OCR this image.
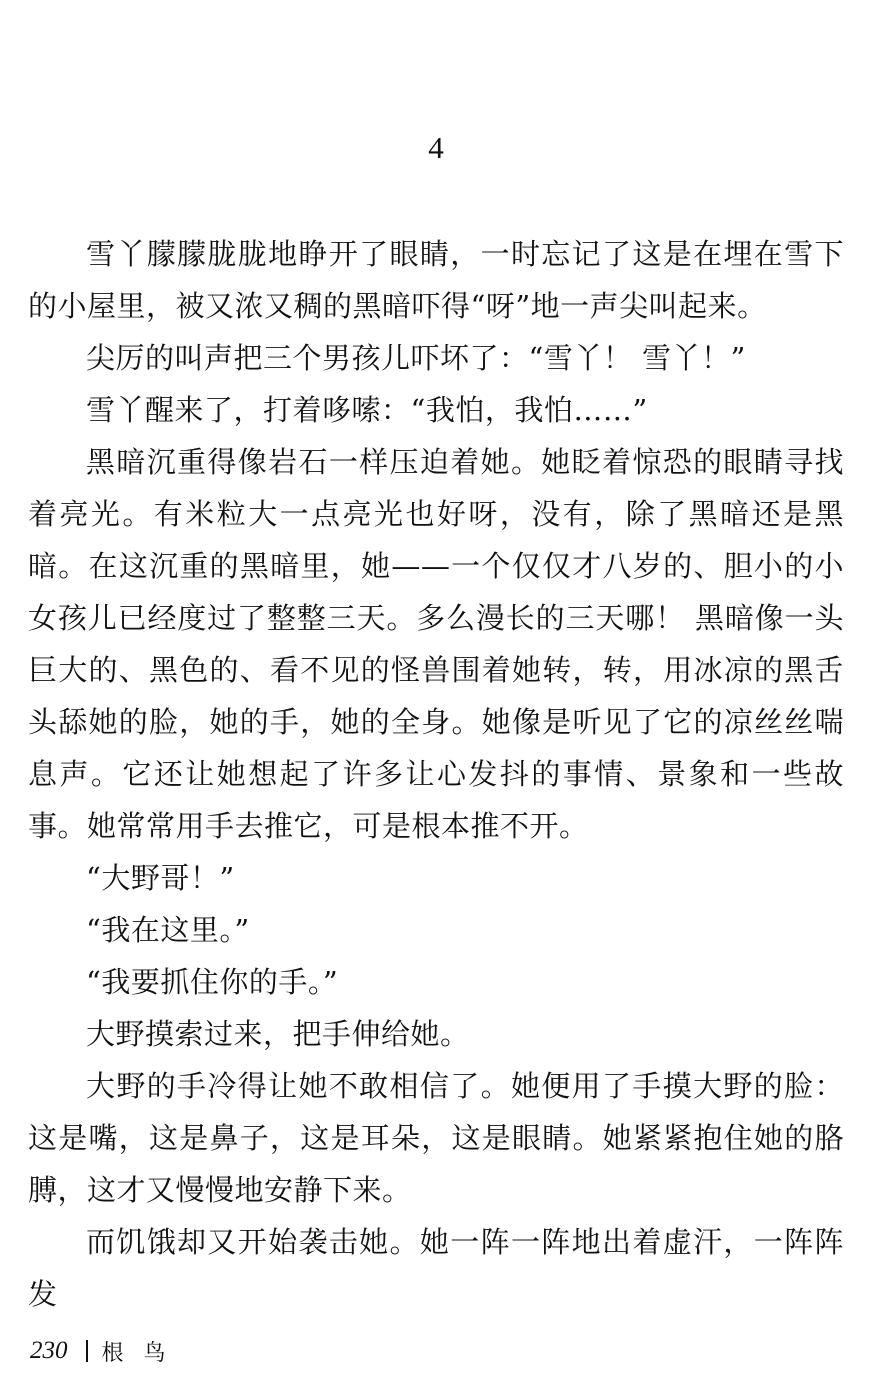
4

雪丫朦朦胧胧地睁开了眼睛，一时忘记了这是在埋在雪下的小屋里，被又浓又稠的黑暗吓得“呀”地一声尖叫起来。

尖厉的叫声把三个男孩儿吓坏了：“雪丫！ 雪丫！”

雪丫醒来了，打着哆嗦：“我怕，我怕……”

黑暗沉重得像岩石一样压迫着她。她眨着惊恐的眼睛寻找着亮光。有米粒大一点亮光也好呀，没有，除了黑暗还是黑暗。在这沉重的黑暗里，她——一个仅仅才八岁的、胆小的小女孩儿已经度过了整整三天。多么漫长的三天哪！ 黑暗像一头巨大的、黑色的、看不见的怪兽围着她转，转，用冰凉的黑舌头舔她的脸，她的手，她的全身。她像是听见了它的凉丝丝喘息声。它还让她想起了许多让心发抖的事情、景象和一些故事。她常常用手去推它，可是根本推不开。

“大野哥！”

“我在这里。”

“我要抓住你的手。”

大野摸索过来，把手伸给她。

大野的手冷得让她不敢相信了。她便用了手摸大野的脸：这是嘴，这是鼻子，这是耳朵，这是眼睛。她紧紧抱住她的胳膊，这才又慢慢地安静下来。

而饥饿却又开始袭击她。她一阵一阵地出着虚汗，一阵阵发

230 根鸟
